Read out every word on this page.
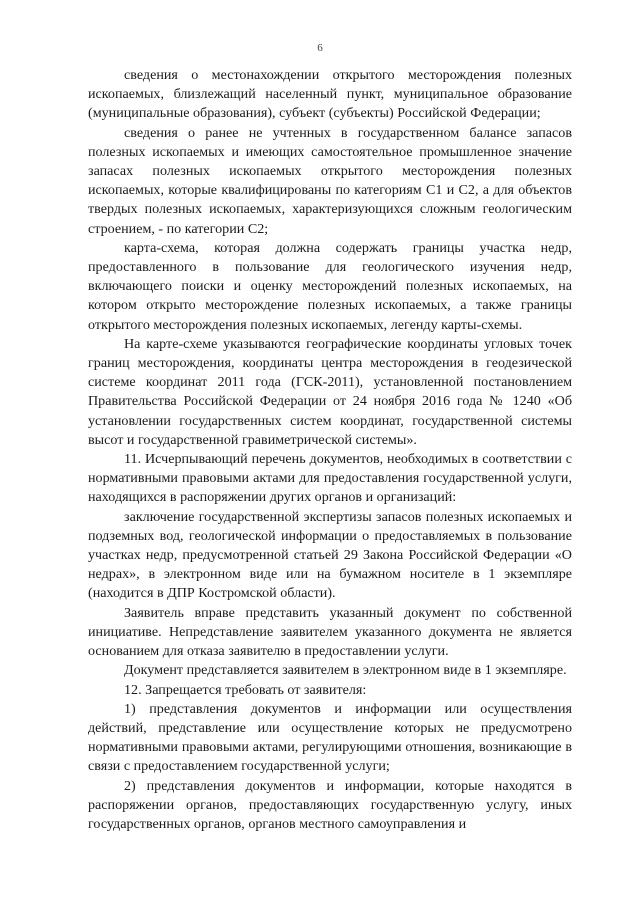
6

сведения о местонахождении открытого месторождения полезных ископаемых, близлежащий населенный пункт, муниципальное образование (муниципальные образования), субъект (субъекты) Российской Федерации;

сведения о ранее не учтенных в государственном балансе запасов полезных ископаемых и имеющих самостоятельное промышленное значение запасах полезных ископаемых открытого месторождения полезных ископаемых, которые квалифицированы по категориям С1 и С2, а для объектов твердых полезных ископаемых, характеризующихся сложным геологическим строением, - по категории С2;

карта-схема, которая должна содержать границы участка недр, предоставленного в пользование для геологического изучения недр, включающего поиски и оценку месторождений полезных ископаемых, на котором открыто месторождение полезных ископаемых, а также границы открытого месторождения полезных ископаемых, легенду карты-схемы.

На карте-схеме указываются географические координаты угловых точек границ месторождения, координаты центра месторождения в геодезической системе координат 2011 года (ГСК-2011), установленной постановлением Правительства Российской Федерации от 24 ноября 2016 года № 1240 «Об установлении государственных систем координат, государственной системы высот и государственной гравиметрической системы».

11. Исчерпывающий перечень документов, необходимых в соответствии с нормативными правовыми актами для предоставления государственной услуги, находящихся в распоряжении других органов и организаций:

заключение государственной экспертизы запасов полезных ископаемых и подземных вод, геологической информации о предоставляемых в пользование участках недр, предусмотренной статьей 29 Закона Российской Федерации «О недрах», в электронном виде или на бумажном носителе в 1 экземпляре (находится в ДПР Костромской области).

Заявитель вправе представить указанный документ по собственной инициативе. Непредставление заявителем указанного документа не является основанием для отказа заявителю в предоставлении услуги.

Документ представляется заявителем в электронном виде в 1 экземпляре.

12. Запрещается требовать от заявителя:

1) представления документов и информации или осуществления действий, представление или осуществление которых не предусмотрено нормативными правовыми актами, регулирующими отношения, возникающие в связи с предоставлением государственной услуги;

2) представления документов и информации, которые находятся в распоряжении органов, предоставляющих государственную услугу, иных государственных органов, органов местного самоуправления и
